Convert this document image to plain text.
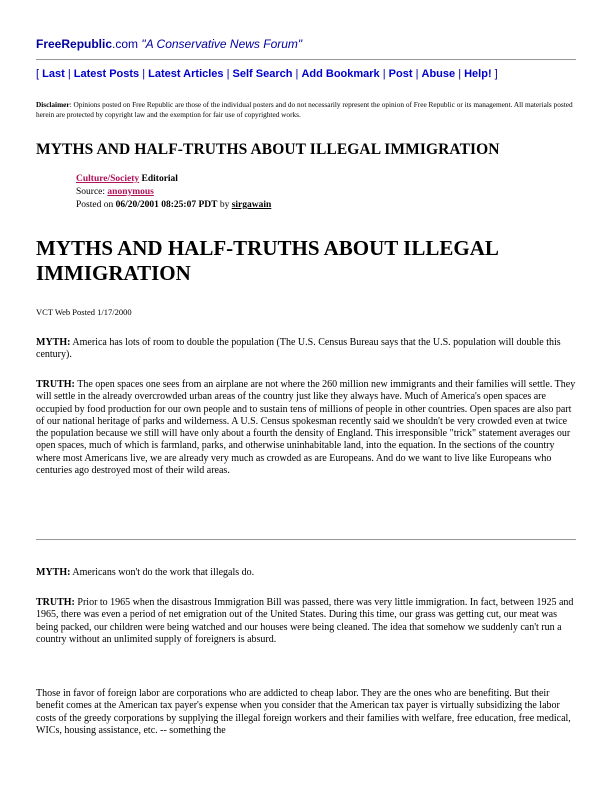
FreeRepublic.com "A Conservative News Forum"
[ Last | Latest Posts | Latest Articles | Self Search | Add Bookmark | Post | Abuse | Help! ]
Disclaimer: Opinions posted on Free Republic are those of the individual posters and do not necessarily represent the opinion of Free Republic or its management. All materials posted herein are protected by copyright law and the exemption for fair use of copyrighted works.
MYTHS AND HALF-TRUTHS ABOUT ILLEGAL IMMIGRATION
Culture/Society Editorial
Source: anonymous
Posted on 06/20/2001 08:25:07 PDT by sirgawain
MYTHS AND HALF-TRUTHS ABOUT ILLEGAL IMMIGRATION
VCT Web Posted 1/17/2000
MYTH: America has lots of room to double the population (The U.S. Census Bureau says that the U.S. population will double this century).
TRUTH: The open spaces one sees from an airplane are not where the 260 million new immigrants and their families will settle. They will settle in the already overcrowded urban areas of the country just like they always have. Much of America's open spaces are occupied by food production for our own people and to sustain tens of millions of people in other countries. Open spaces are also part of our national heritage of parks and wilderness. A U.S. Census spokesman recently said we shouldn't be very crowded even at twice the population because we still will have only about a fourth the density of England. This irresponsible "trick" statement averages our open spaces, much of which is farmland, parks, and otherwise uninhabitable land, into the equation. In the sections of the country where most Americans live, we are already very much as crowded as are Europeans. And do we want to live like Europeans who centuries ago destroyed most of their wild areas.
MYTH: Americans won't do the work that illegals do.
TRUTH: Prior to 1965 when the disastrous Immigration Bill was passed, there was very little immigration. In fact, between 1925 and 1965, there was even a period of net emigration out of the United States. During this time, our grass was getting cut, our meat was being packed, our children were being watched and our houses were being cleaned. The idea that somehow we suddenly can't run a country without an unlimited supply of foreigners is absurd.
Those in favor of foreign labor are corporations who are addicted to cheap labor. They are the ones who are benefiting. But their benefit comes at the American tax payer's expense when you consider that the American tax payer is virtually subsidizing the labor costs of the greedy corporations by supplying the illegal foreign workers and their families with welfare, free education, free medical, WICs, housing assistance, etc. -- something the
